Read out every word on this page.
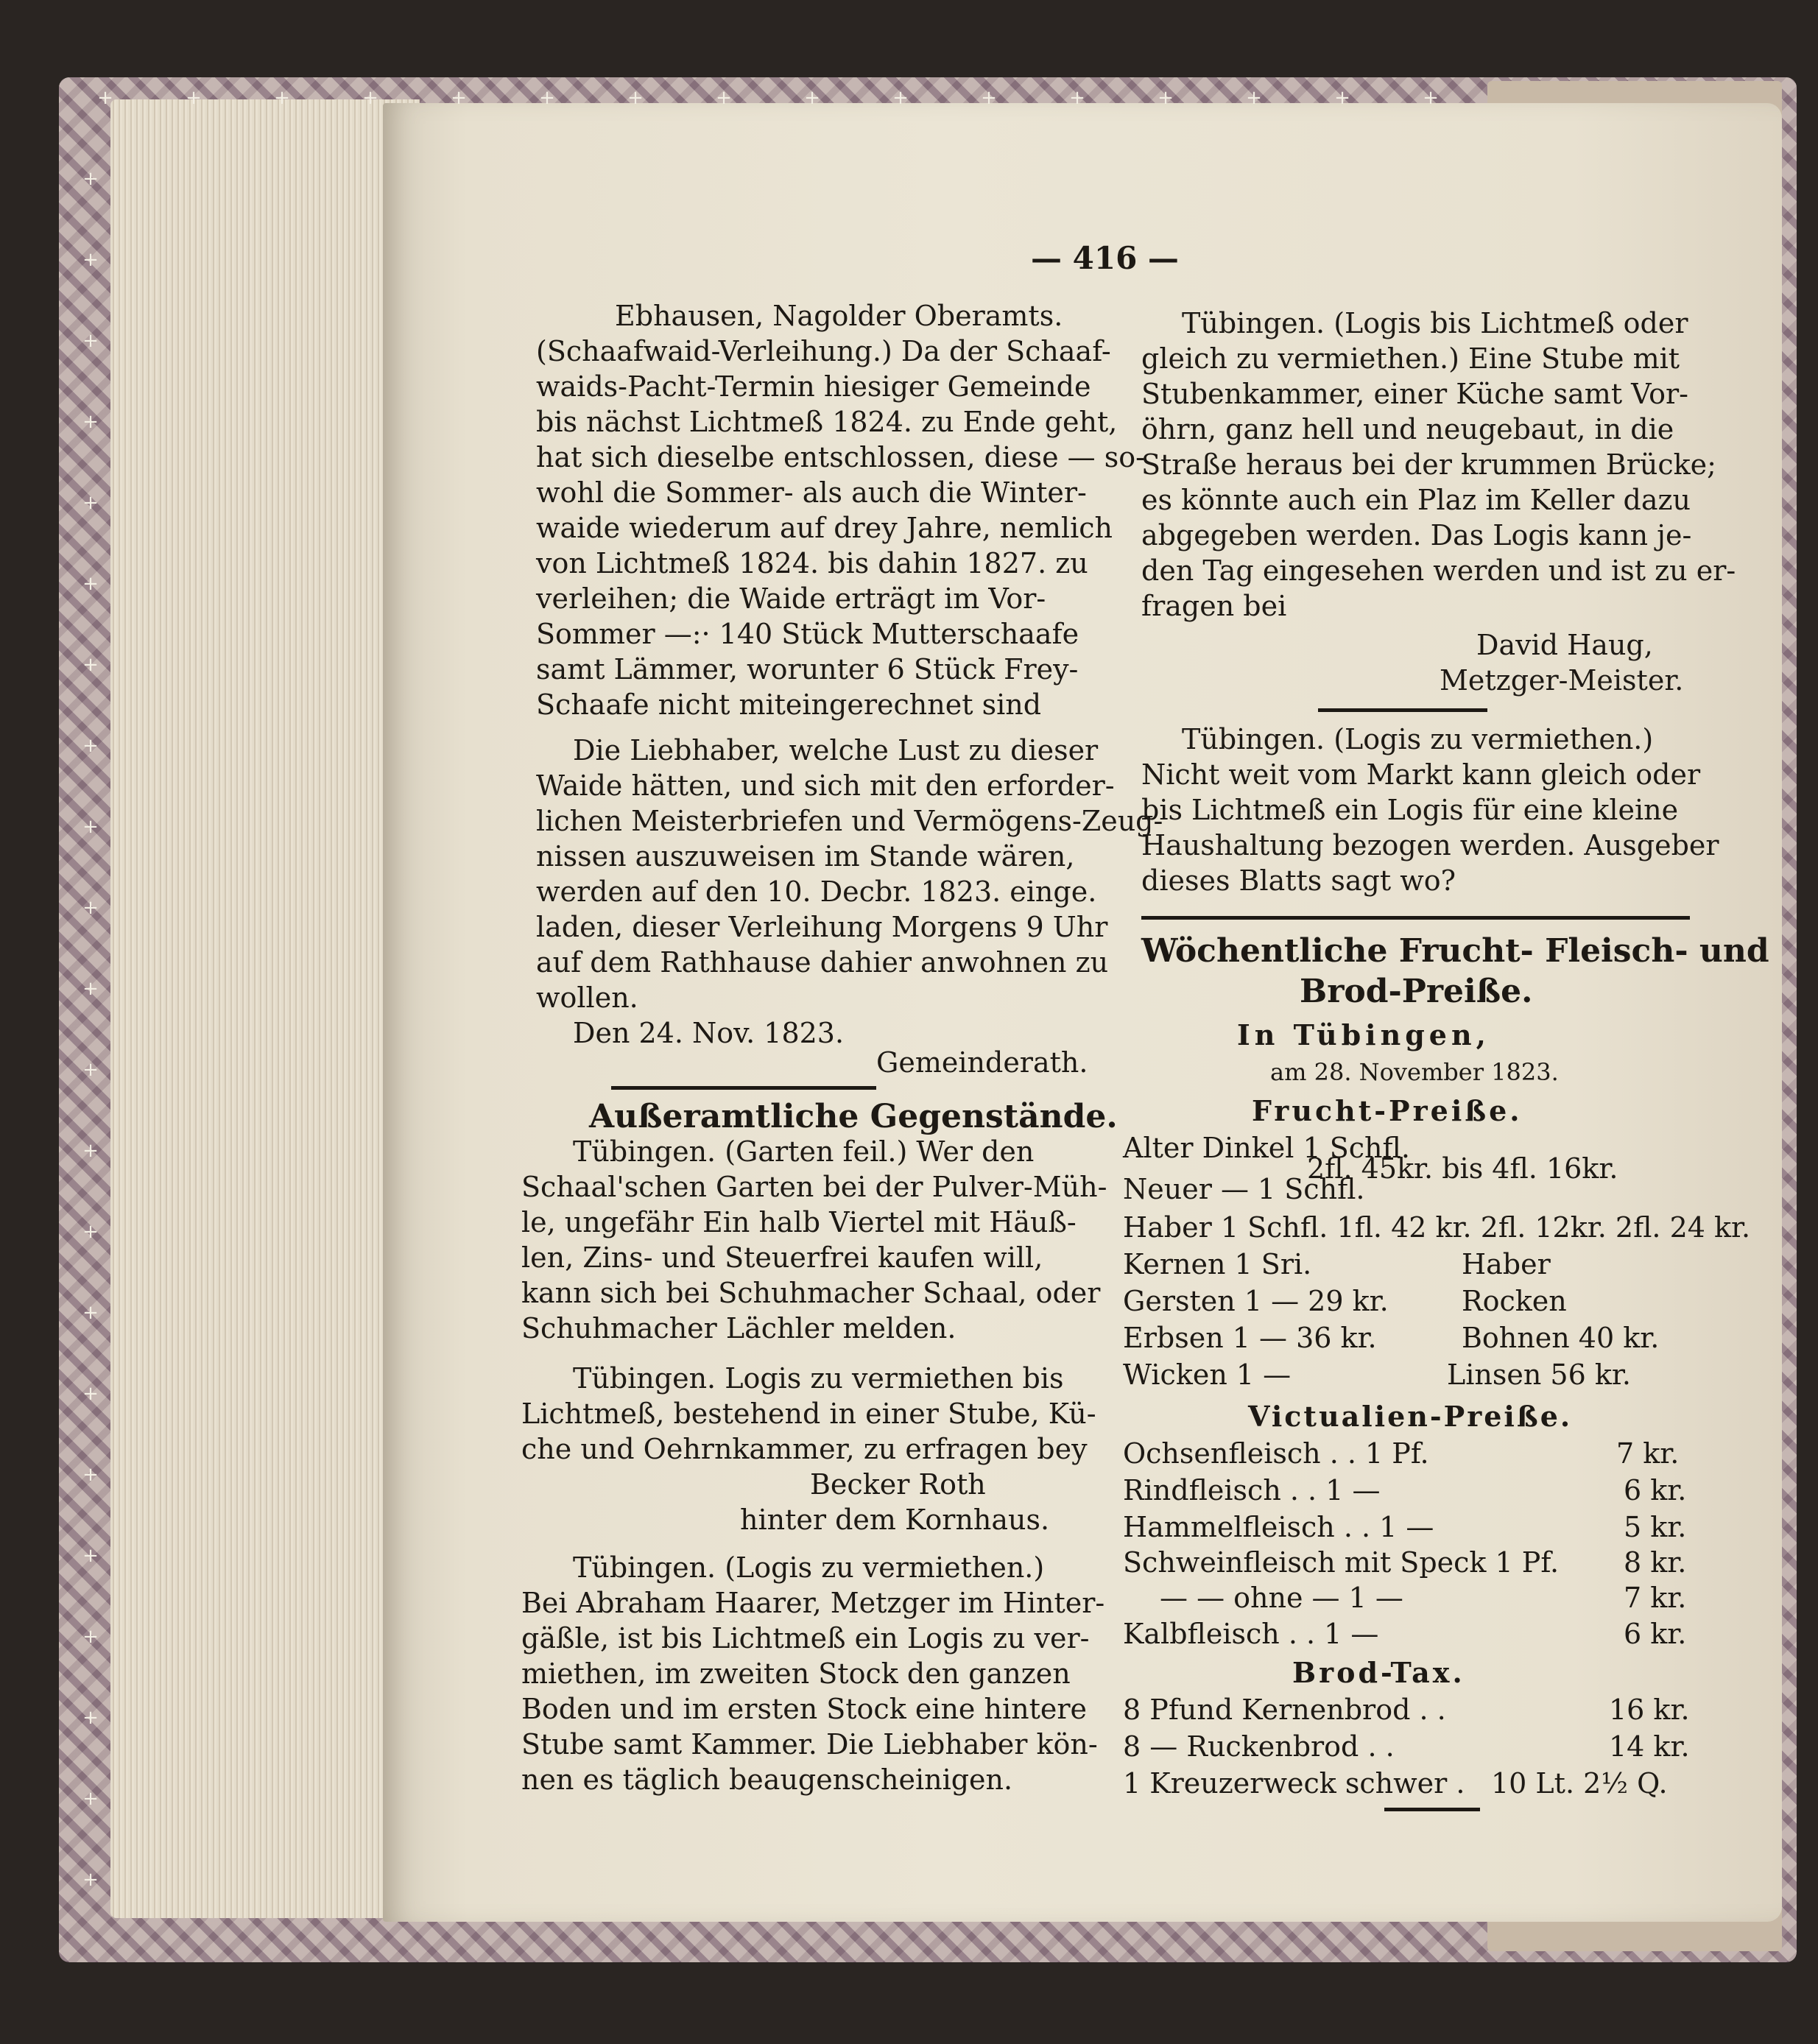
+	+	+	+	+	+	+	+	+	+	+	+	+	+	+	+
+
+
+
+
+
+
+
+
+
+
+
+
+
+
+
+
+
+
+
+
+
+
— 416 —
Ebhausen, Nagolder Oberamts.
(Schaafwaid-Verleihung.) Da der Schaaf-
waids-Pacht-Termin hiesiger Gemeinde
bis nächst Lichtmeß 1824. zu Ende geht,
hat sich dieselbe entschlossen, diese — so-
wohl die Sommer- als auch die Winter-
waide wiederum auf drey Jahre, nemlich
von Lichtmeß 1824. bis dahin 1827. zu
verleihen; die Waide erträgt im Vor-
Sommer —:· 140 Stück Mutterschaafe
samt Lämmer, worunter 6 Stück Frey-
Schaafe nicht miteingerechnet sind
Die Liebhaber, welche Lust zu dieser
Waide hätten, und sich mit den erforder-
lichen Meisterbriefen und Vermögens-Zeug-
nissen auszuweisen im Stande wären,
werden auf den 10. Decbr. 1823. einge.
laden, dieser Verleihung Morgens 9 Uhr
auf dem Rathhause dahier anwohnen zu
wollen.
Den 24. Nov. 1823.
Gemeinderath.
Außeramtliche Gegenstände.
Tübingen. (Garten feil.) Wer den
Schaal'schen Garten bei der Pulver-Müh-
le, ungefähr Ein halb Viertel mit Häuß-
len, Zins- und Steuerfrei kaufen will,
kann sich bei Schuhmacher Schaal, oder
Schuhmacher Lächler melden.
Tübingen. Logis zu vermiethen bis
Lichtmeß, bestehend in einer Stube, Kü-
che und Oehrnkammer, zu erfragen bey
Becker Roth
hinter dem Kornhaus.
Tübingen. (Logis zu vermiethen.)
Bei Abraham Haarer, Metzger im Hinter-
gäßle, ist bis Lichtmeß ein Logis zu ver-
miethen, im zweiten Stock den ganzen
Boden und im ersten Stock eine hintere
Stube samt Kammer. Die Liebhaber kön-
nen es täglich beaugenscheinigen.
Tübingen. (Logis bis Lichtmeß oder
gleich zu vermiethen.) Eine Stube mit
Stubenkammer, einer Küche samt Vor-
öhrn, ganz hell und neugebaut, in die
Straße heraus bei der krummen Brücke;
es könnte auch ein Plaz im Keller dazu
abgegeben werden. Das Logis kann je-
den Tag eingesehen werden und ist zu er-
fragen bei
David Haug,
Metzger-Meister.
Tübingen. (Logis zu vermiethen.)
Nicht weit vom Markt kann gleich oder
bis Lichtmeß ein Logis für eine kleine
Haushaltung bezogen werden. Ausgeber
dieses Blatts sagt wo?
Wöchentliche Frucht- Fleisch- und
Brod-Preiße.
In Tübingen,
am 28. November 1823.
Frucht-Preiße.
Alter Dinkel 1 Schfl.
2fl. 45kr. bis 4fl. 16kr.
Neuer — 1 Schfl.
Haber 1 Schfl. 1fl. 42 kr. 2fl. 12kr. 2fl. 24 kr.
Kernen 1 Sri.	Haber
Gersten 1 — 29 kr.	Rocken
Erbsen 1 — 36 kr.	Bohnen 40 kr.
Wicken 1 —	Linsen 56 kr.
Victualien-Preiße.
Ochsenfleisch . . 1 Pf.	7 kr.
Rindfleisch . . 1 —	6 kr.
Hammelfleisch . . 1 —	5 kr.
Schweinfleisch mit Speck 1 Pf. 8 kr.
— — ohne — 1 —	7 kr.
Kalbfleisch . . 1 —	6 kr.
Brod-Tax.
8 Pfund Kernenbrod . .	16 kr.
8 — Ruckenbrod . .	14 kr.
1 Kreuzerweck schwer . 10 Lt. 2½ Q.
